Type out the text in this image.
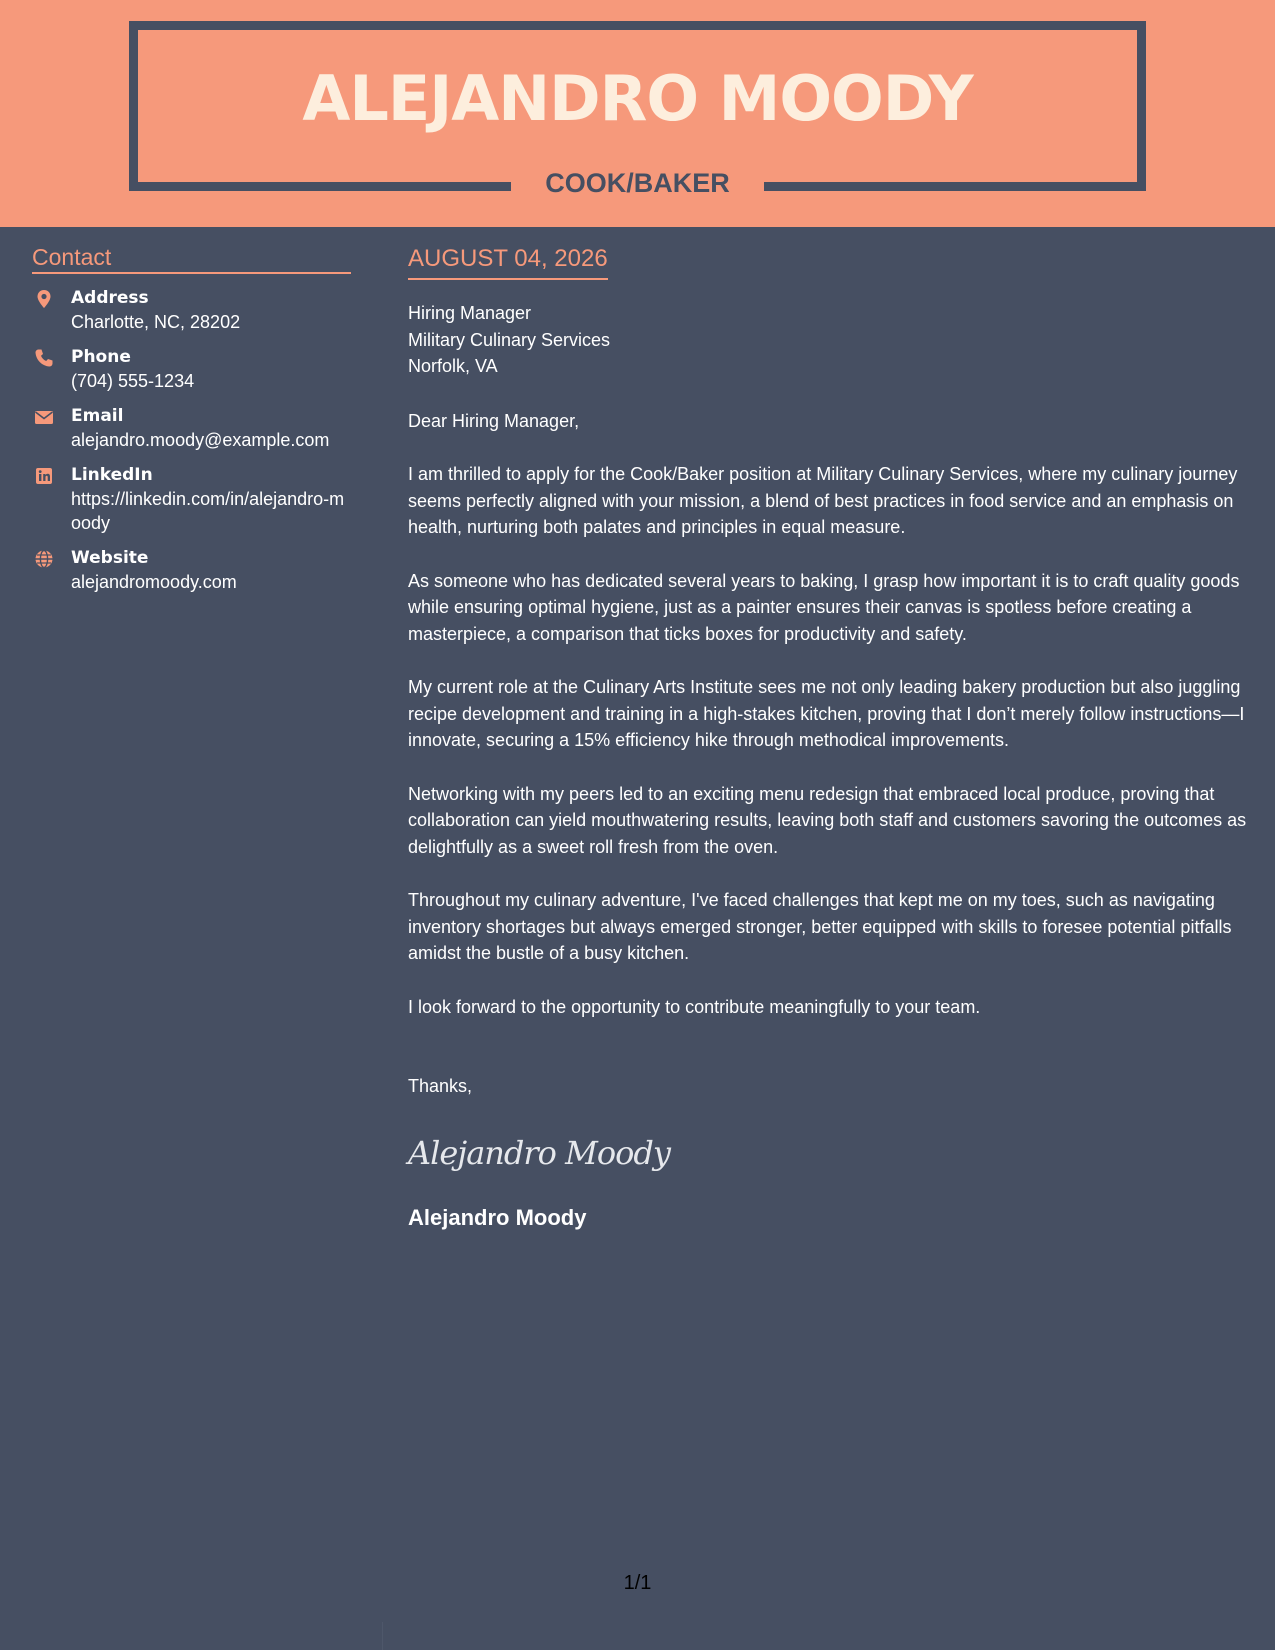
ALEJANDRO MOODY
COOK/BAKER
Contact
Address
Charlotte, NC, 28202
Phone
(704) 555-1234
Email
alejandro.moody@example.com
LinkedIn
https://linkedin.com/in/alejandro-moody
Website
alejandromoody.com
AUGUST 04, 2026
Hiring Manager
Military Culinary Services
Norfolk, VA
Dear Hiring Manager,

I am thrilled to apply for the Cook/Baker position at Military Culinary Services, where my culinary journey seems perfectly aligned with your mission, a blend of best practices in food service and an emphasis on health, nurturing both palates and principles in equal measure.

As someone who has dedicated several years to baking, I grasp how important it is to craft quality goods while ensuring optimal hygiene, just as a painter ensures their canvas is spotless before creating a masterpiece, a comparison that ticks boxes for productivity and safety.

My current role at the Culinary Arts Institute sees me not only leading bakery production but also juggling recipe development and training in a high-stakes kitchen, proving that I don’t merely follow instructions—I innovate, securing a 15% efficiency hike through methodical improvements.

Networking with my peers led to an exciting menu redesign that embraced local produce, proving that collaboration can yield mouthwatering results, leaving both staff and customers savoring the outcomes as delightfully as a sweet roll fresh from the oven.

Throughout my culinary adventure, I've faced challenges that kept me on my toes, such as navigating inventory shortages but always emerged stronger, better equipped with skills to foresee potential pitfalls amidst the bustle of a busy kitchen.

I look forward to the opportunity to contribute meaningfully to your team.

Thanks,
Alejandro Moody
Alejandro Moody
1/1
